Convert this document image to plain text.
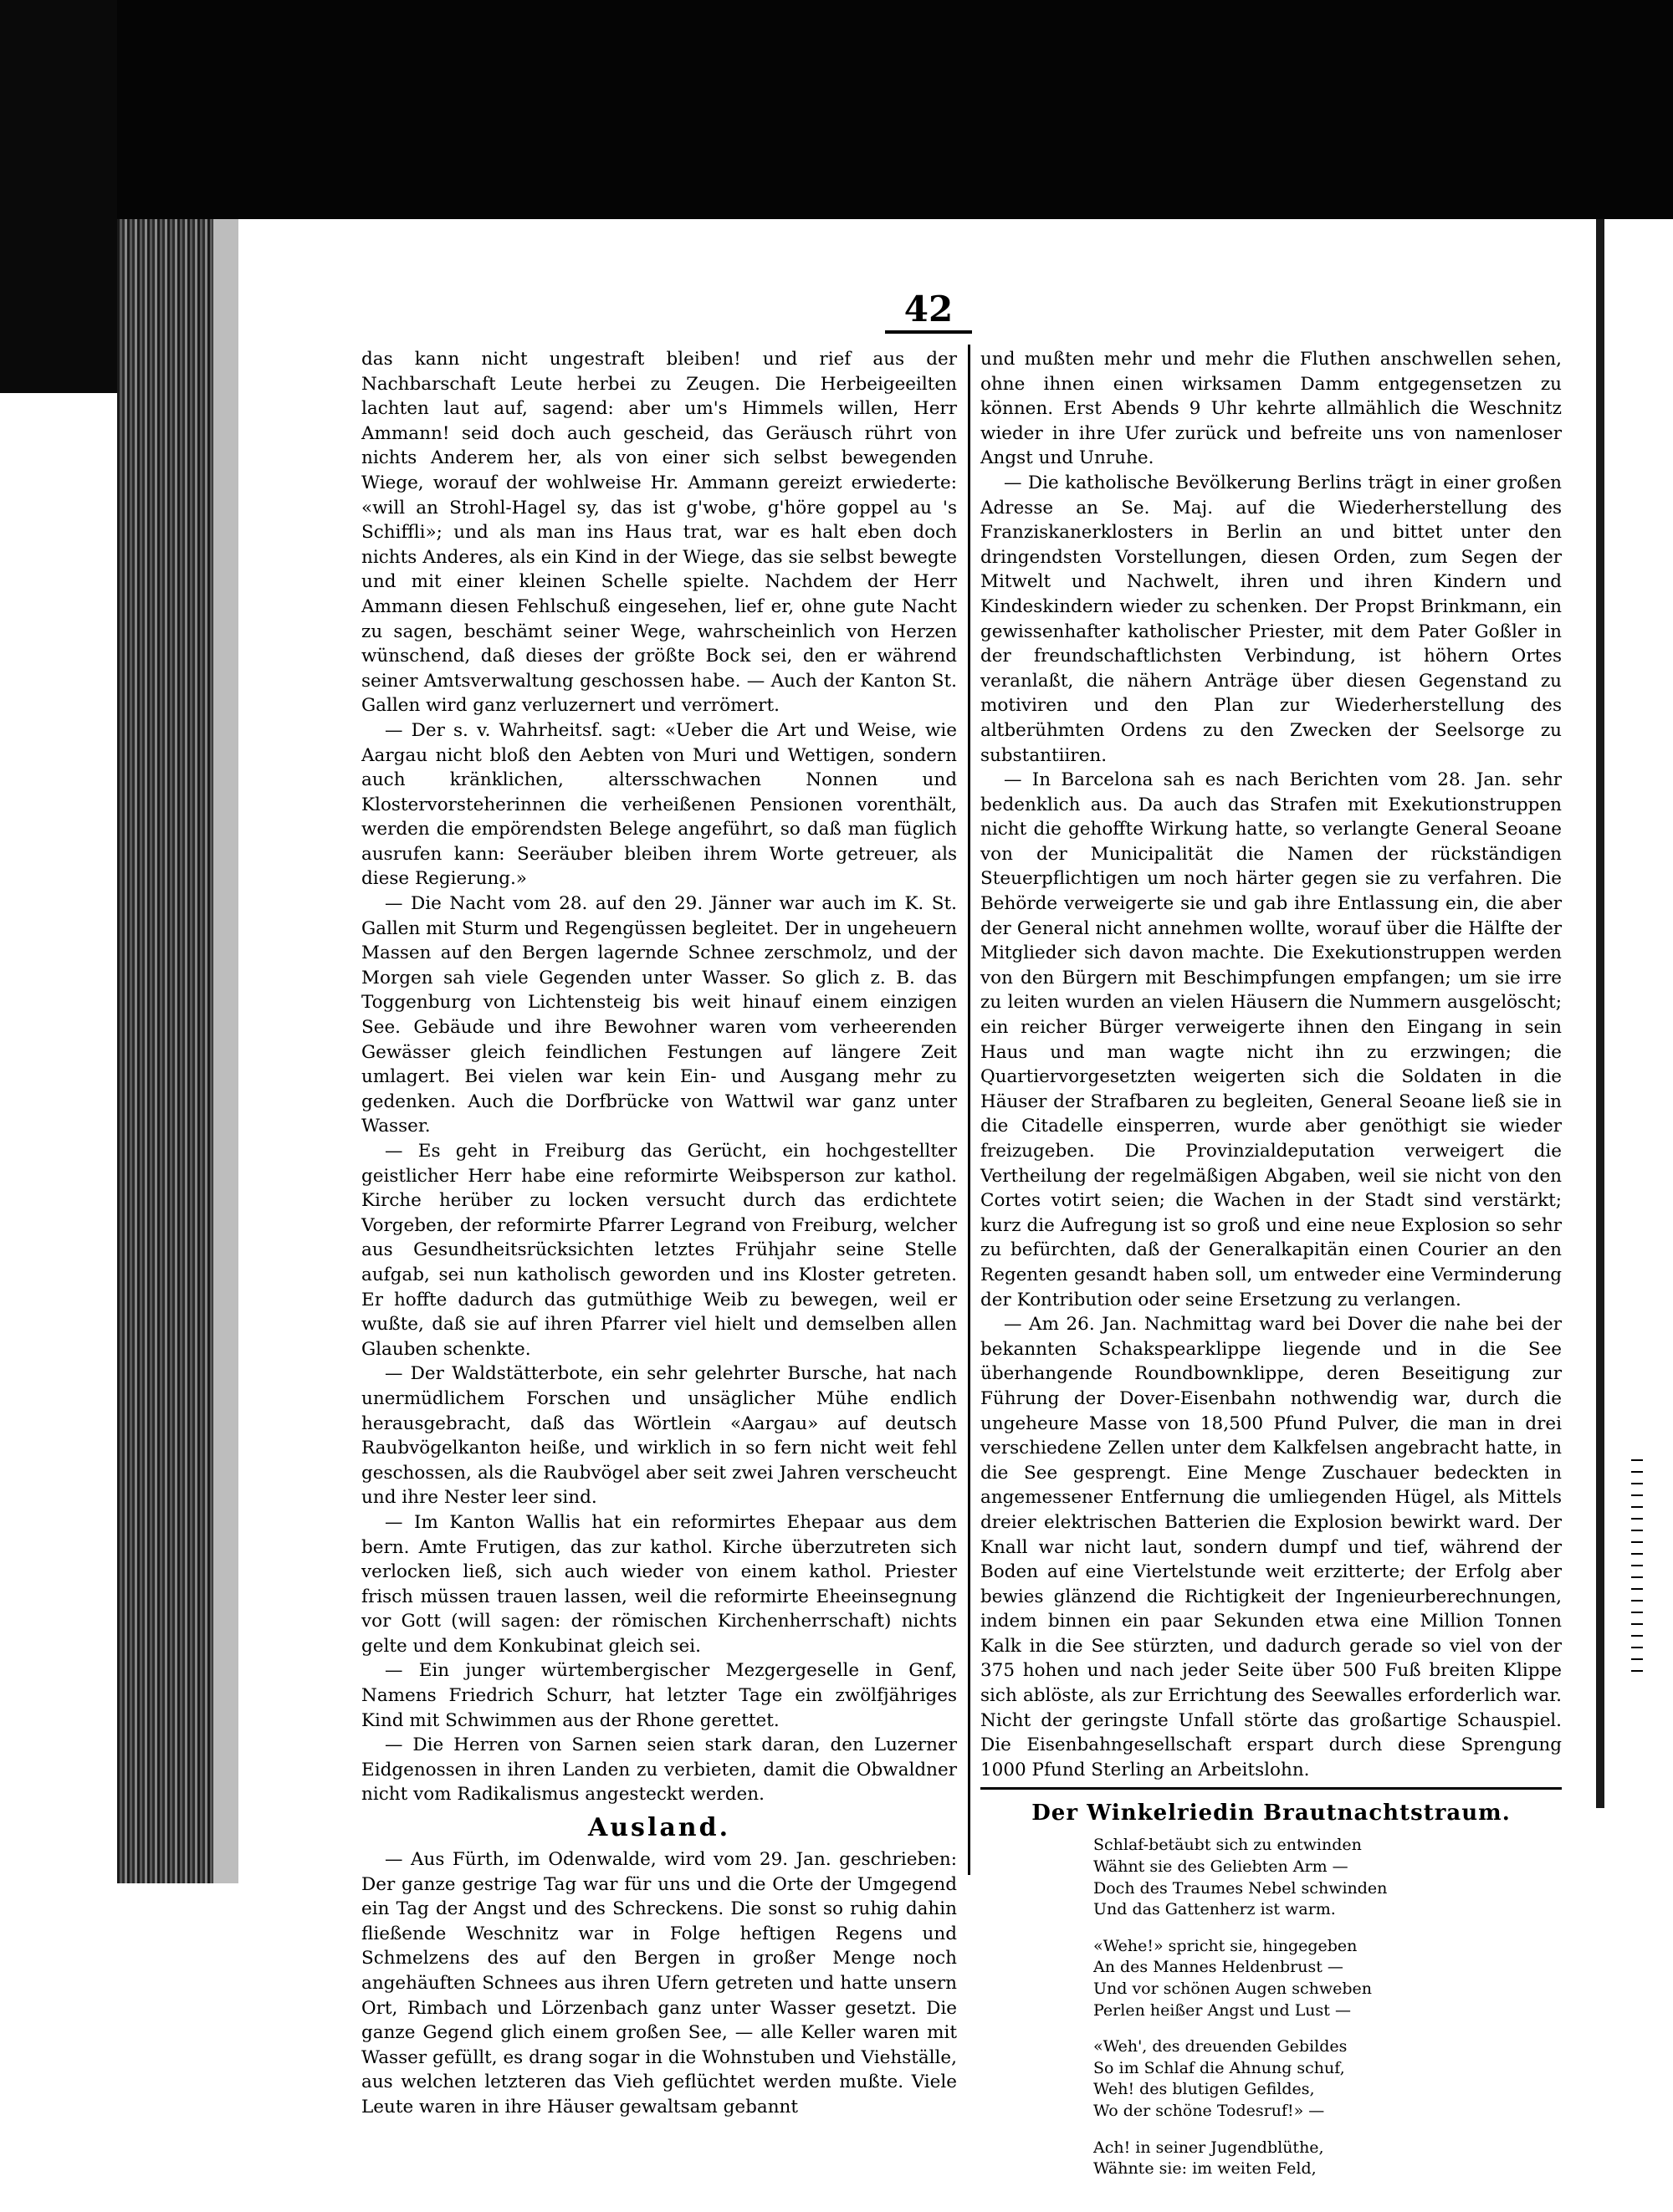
42

das kann nicht ungestraft bleiben! und rief aus der Nachbarschaft Leute herbei zu Zeugen. Die Herbeigeeilten lachten laut auf, sagend: aber um's Himmels willen, Herr Ammann! seid doch auch gescheid, das Geräusch rührt von nichts Anderem her, als von einer sich selbst bewegenden Wiege, worauf der wohlweise Hr. Ammann gereizt erwiederte: «will an Strohl-Hagel sy, das ist g'wobe, g'höre goppel au 's Schiffli»; und als man ins Haus trat, war es halt eben doch nichts Anderes, als ein Kind in der Wiege, das sie selbst bewegte und mit einer kleinen Schelle spielte. Nachdem der Herr Ammann diesen Fehlschuß eingesehen, lief er, ohne gute Nacht zu sagen, beschämt seiner Wege, wahrscheinlich von Herzen wünschend, daß dieses der größte Bock sei, den er während seiner Amtsverwaltung geschossen habe. — Auch der Kanton St. Gallen wird ganz verluzernert und verrömert.

— Der s. v. Wahrheitsf. sagt: «Ueber die Art und Weise, wie Aargau nicht bloß den Aebten von Muri und Wettigen, sondern auch kränklichen, altersschwachen Nonnen und Klostervorsteherinnen die verheißenen Pensionen vorenthält, werden die empörendsten Belege angeführt, so daß man füglich ausrufen kann: Seeräuber bleiben ihrem Worte getreuer, als diese Regierung.»

— Die Nacht vom 28. auf den 29. Jänner war auch im K. St. Gallen mit Sturm und Regengüssen begleitet. Der in ungeheuern Massen auf den Bergen lagernde Schnee zerschmolz, und der Morgen sah viele Gegenden unter Wasser. So glich z. B. das Toggenburg von Lichtensteig bis weit hinauf einem einzigen See. Gebäude und ihre Bewohner waren vom verheerenden Gewässer gleich feindlichen Festungen auf längere Zeit umlagert. Bei vielen war kein Ein- und Ausgang mehr zu gedenken. Auch die Dorfbrücke von Wattwil war ganz unter Wasser.

— Es geht in Freiburg das Gerücht, ein hochgestellter geistlicher Herr habe eine reformirte Weibsperson zur kathol. Kirche herüber zu locken versucht durch das erdichtete Vorgeben, der reformirte Pfarrer Legrand von Freiburg, welcher aus Gesundheitsrücksichten letztes Frühjahr seine Stelle aufgab, sei nun katholisch geworden und ins Kloster getreten. Er hoffte dadurch das gutmüthige Weib zu bewegen, weil er wußte, daß sie auf ihren Pfarrer viel hielt und demselben allen Glauben schenkte.

— Der Waldstätterbote, ein sehr gelehrter Bursche, hat nach unermüdlichem Forschen und unsäglicher Mühe endlich herausgebracht, daß das Wörtlein «Aargau» auf deutsch Raubvögelkanton heiße, und wirklich in so fern nicht weit fehl geschossen, als die Raubvögel aber seit zwei Jahren verscheucht und ihre Nester leer sind.

— Im Kanton Wallis hat ein reformirtes Ehepaar aus dem bern. Amte Frutigen, das zur kathol. Kirche überzutreten sich verlocken ließ, sich auch wieder von einem kathol. Priester frisch müssen trauen lassen, weil die reformirte Eheeinsegnung vor Gott (will sagen: der römischen Kirchenherrschaft) nichts gelte und dem Konkubinat gleich sei.

— Ein junger würtembergischer Mezgergeselle in Genf, Namens Friedrich Schurr, hat letzter Tage ein zwölfjähriges Kind mit Schwimmen aus der Rhone gerettet.

— Die Herren von Sarnen seien stark daran, den Luzerner Eidgenossen in ihren Landen zu verbieten, damit die Obwaldner nicht vom Radikalismus angesteckt werden.

Ausland.

— Aus Fürth, im Odenwalde, wird vom 29. Jan. geschrieben: Der ganze gestrige Tag war für uns und die Orte der Umgegend ein Tag der Angst und des Schreckens. Die sonst so ruhig dahin fließende Weschnitz war in Folge heftigen Regens und Schmelzens des auf den Bergen in großer Menge noch angehäuften Schnees aus ihren Ufern getreten und hatte unsern Ort, Rimbach und Lörzenbach ganz unter Wasser gesetzt. Die ganze Gegend glich einem großen See, — alle Keller waren mit Wasser gefüllt, es drang sogar in die Wohnstuben und Viehställe, aus welchen letzteren das Vieh geflüchtet werden mußte. Viele Leute waren in ihre Häuser gewaltsam gebannt

und mußten mehr und mehr die Fluthen anschwellen sehen, ohne ihnen einen wirksamen Damm entgegensetzen zu können. Erst Abends 9 Uhr kehrte allmählich die Weschnitz wieder in ihre Ufer zurück und befreite uns von namenloser Angst und Unruhe.

— Die katholische Bevölkerung Berlins trägt in einer großen Adresse an Se. Maj. auf die Wiederherstellung des Franziskanerklosters in Berlin an und bittet unter den dringendsten Vorstellungen, diesen Orden, zum Segen der Mitwelt und Nachwelt, ihren und ihren Kindern und Kindeskindern wieder zu schenken. Der Propst Brinkmann, ein gewissenhafter katholischer Priester, mit dem Pater Goßler in der freundschaftlichsten Verbindung, ist höhern Ortes veranlaßt, die nähern Anträge über diesen Gegenstand zu motiviren und den Plan zur Wiederherstellung des altberühmten Ordens zu den Zwecken der Seelsorge zu substantiiren.

— In Barcelona sah es nach Berichten vom 28. Jan. sehr bedenklich aus. Da auch das Strafen mit Exekutionstruppen nicht die gehoffte Wirkung hatte, so verlangte General Seoane von der Municipalität die Namen der rückständigen Steuerpflichtigen um noch härter gegen sie zu verfahren. Die Behörde verweigerte sie und gab ihre Entlassung ein, die aber der General nicht annehmen wollte, worauf über die Hälfte der Mitglieder sich davon machte. Die Exekutionstruppen werden von den Bürgern mit Beschimpfungen empfangen; um sie irre zu leiten wurden an vielen Häusern die Nummern ausgelöscht; ein reicher Bürger verweigerte ihnen den Eingang in sein Haus und man wagte nicht ihn zu erzwingen; die Quartiervorgesetzten weigerten sich die Soldaten in die Häuser der Strafbaren zu begleiten, General Seoane ließ sie in die Citadelle einsperren, wurde aber genöthigt sie wieder freizugeben. Die Provinzialdeputation verweigert die Vertheilung der regelmäßigen Abgaben, weil sie nicht von den Cortes votirt seien; die Wachen in der Stadt sind verstärkt; kurz die Aufregung ist so groß und eine neue Explosion so sehr zu befürchten, daß der Generalkapitän einen Courier an den Regenten gesandt haben soll, um entweder eine Verminderung der Kontribution oder seine Ersetzung zu verlangen.

— Am 26. Jan. Nachmittag ward bei Dover die nahe bei der bekannten Schakspearklippe liegende und in die See überhangende Roundbownklippe, deren Beseitigung zur Führung der Dover-Eisenbahn nothwendig war, durch die ungeheure Masse von 18,500 Pfund Pulver, die man in drei verschiedene Zellen unter dem Kalkfelsen angebracht hatte, in die See gesprengt. Eine Menge Zuschauer bedeckten in angemessener Entfernung die umliegenden Hügel, als Mittels dreier elektrischen Batterien die Explosion bewirkt ward. Der Knall war nicht laut, sondern dumpf und tief, während der Boden auf eine Viertelstunde weit erzitterte; der Erfolg aber bewies glänzend die Richtigkeit der Ingenieurberechnungen, indem binnen ein paar Sekunden etwa eine Million Tonnen Kalk in die See stürzten, und dadurch gerade so viel von der 375 hohen und nach jeder Seite über 500 Fuß breiten Klippe sich ablöste, als zur Errichtung des Seewalles erforderlich war. Nicht der geringste Unfall störte das großartige Schauspiel. Die Eisenbahngesellschaft erspart durch diese Sprengung 1000 Pfund Sterling an Arbeitslohn.

Der Winkelriedin Brautnachtstraum.
Schlaf-betäubt sich zu entwinden
Wähnt sie des Geliebten Arm —
Doch des Traumes Nebel schwinden
Und das Gattenherz ist warm.
«Wehe!» spricht sie, hingegeben
An des Mannes Heldenbrust —
Und vor schönen Augen schweben
Perlen heißer Angst und Lust —
«Weh', des dreuenden Gebildes
So im Schlaf die Ahnung schuf,
Weh! des blutigen Gefildes,
Wo der schöne Todesruf!» —
Ach! in seiner Jugendblüthe,
Wähnte sie: im weiten Feld,
